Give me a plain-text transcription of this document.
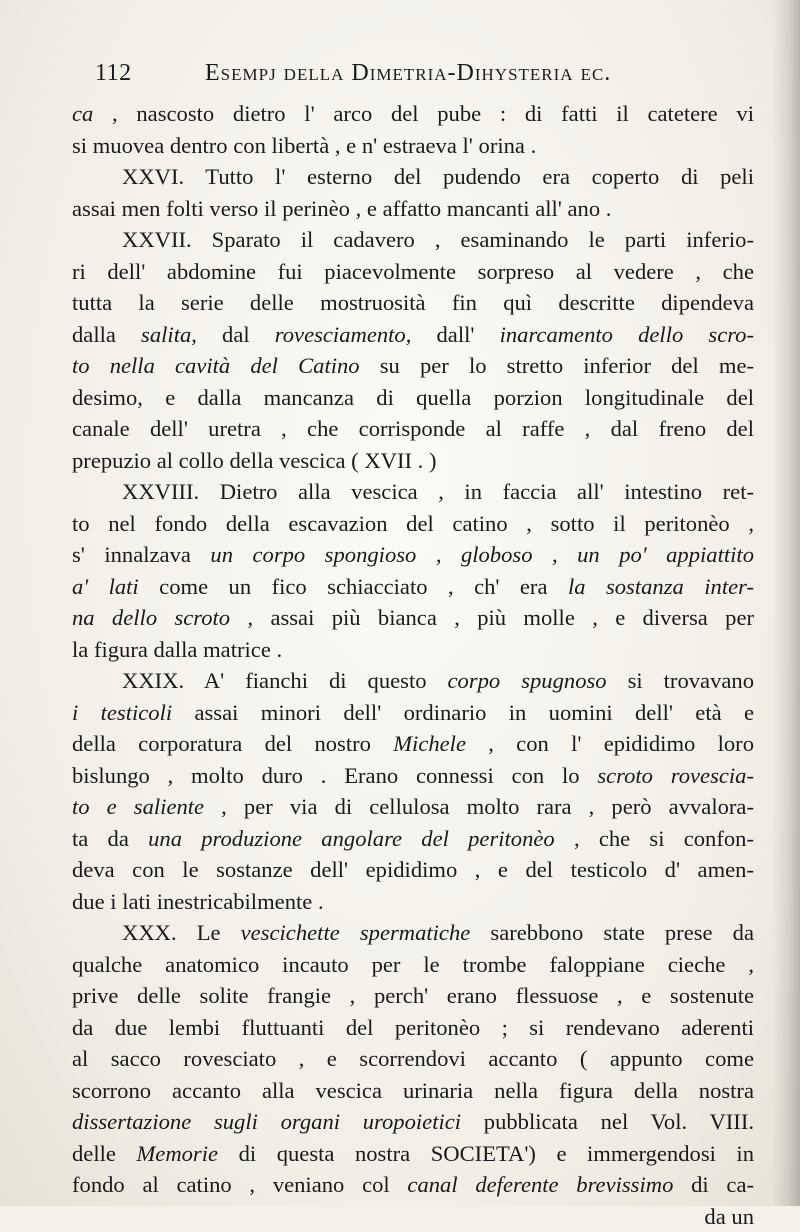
112	Esempj della Dimetria-Dihysteria ec.
ca , nascosto dietro l' arco del pube : di fatti il catetere vi
si muovea dentro con libertà , e n' estraeva l' orina .
XXVI. Tutto l' esterno del pudendo era coperto di peli
assai men folti verso il perinèo , e affatto mancanti all' ano .
XXVII. Sparato il cadavero , esaminando le parti inferio-
ri dell' abdomine fui piacevolmente sorpreso al vedere , che
tutta la serie delle mostruosità fin quì descritte dipendeva
dalla salita, dal rovesciamento, dall' inarcamento dello scro-
to nella cavità del Catino su per lo stretto inferior del me-
desimo, e dalla mancanza di quella porzion longitudinale del
canale dell' uretra , che corrisponde al raffe , dal freno del
prepuzio al collo della vescica ( XVII . )
XXVIII. Dietro alla vescica , in faccia all' intestino ret-
to nel fondo della escavazion del catino , sotto il peritonèo ,
s' innalzava un corpo spongioso , globoso , un po' appiattito
a' lati come un fico schiacciato , ch' era la sostanza inter-
na dello scroto , assai più bianca , più molle , e diversa per
la figura dalla matrice .
XXIX. A' fianchi di questo corpo spugnoso si trovavano
i testicoli assai minori dell' ordinario in uomini dell' età e
della corporatura del nostro Michele , con l' epididimo loro
bislungo , molto duro . Erano connessi con lo scroto rovescia-
to e saliente , per via di cellulosa molto rara , però avvalora-
ta da una produzione angolare del peritonèo , che si confon-
deva con le sostanze dell' epididimo , e del testicolo d' amen-
due i lati inestricabilmente .
XXX. Le vescichette spermatiche sarebbono state prese da
qualche anatomico incauto per le trombe faloppiane cieche ,
prive delle solite frangie , perch' erano flessuose , e sostenute
da due lembi fluttuanti del peritonèo ; si rendevano aderenti
al sacco rovesciato , e scorrendovi accanto ( appunto come
scorrono accanto alla vescica urinaria nella figura della nostra
dissertazione sugli organi uropoietici pubblicata nel Vol. VIII.
delle Memorie di questa nostra SOCIETA') e immergendosi in
fondo al catino , veniano col canal deferente brevissimo di ca-
da un
